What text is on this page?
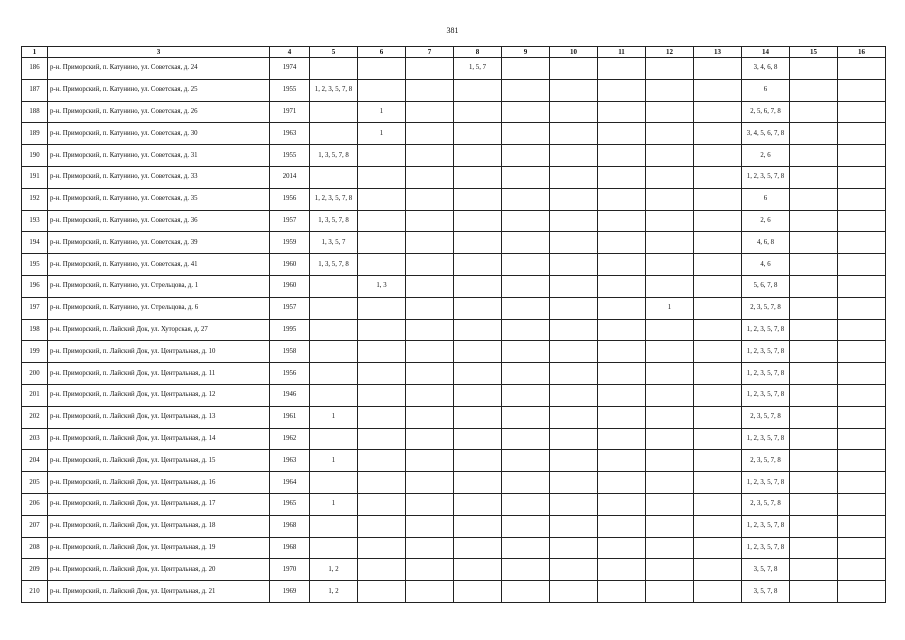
381
1	3	4	5	6	7	8	9	10	11	12	13	14	15	16
186	р-н. Приморский, п. Катунино, ул. Советская, д. 24	1974				1, 5, 7						3, 4, 6, 8		
187	р-н. Приморский, п. Катунино, ул. Советская, д. 25	1955	1, 2, 3, 5, 7, 8									6		
188	р-н. Приморский, п. Катунино, ул. Советская, д. 26	1971		1								2, 5, 6, 7, 8		
189	р-н. Приморский, п. Катунино, ул. Советская, д. 30	1963		1								3, 4, 5, 6, 7, 8		
190	р-н. Приморский, п. Катунино, ул. Советская, д. 31	1955	1, 3, 5, 7, 8									2, 6		
191	р-н. Приморский, п. Катунино, ул. Советская, д. 33	2014										1, 2, 3, 5, 7, 8		
192	р-н. Приморский, п. Катунино, ул. Советская, д. 35	1956	1, 2, 3, 5, 7, 8									6		
193	р-н. Приморский, п. Катунино, ул. Советская, д. 36	1957	1, 3, 5, 7, 8									2, 6		
194	р-н. Приморский, п. Катунино, ул. Советская, д. 39	1959	1, 3, 5, 7									4, 6, 8		
195	р-н. Приморский, п. Катунино, ул. Советская, д. 41	1960	1, 3, 5, 7, 8									4, 6		
196	р-н. Приморский, п. Катунино, ул. Стрельцова, д. 1	1960		1, 3								5, 6, 7, 8		
197	р-н. Приморский, п. Катунино, ул. Стрельцова, д. 6	1957								1		2, 3, 5, 7, 8		
198	р-н. Приморский, п. Лайский Док, ул. Хуторская, д. 27	1995										1, 2, 3, 5, 7, 8		
199	р-н. Приморский, п. Лайский Док, ул. Центральная, д. 10	1958										1, 2, 3, 5, 7, 8		
200	р-н. Приморский, п. Лайский Док, ул. Центральная, д. 11	1956										1, 2, 3, 5, 7, 8		
201	р-н. Приморский, п. Лайский Док, ул. Центральная, д. 12	1946										1, 2, 3, 5, 7, 8		
202	р-н. Приморский, п. Лайский Док, ул. Центральная, д. 13	1961	1									2, 3, 5, 7, 8		
203	р-н. Приморский, п. Лайский Док, ул. Центральная, д. 14	1962										1, 2, 3, 5, 7, 8		
204	р-н. Приморский, п. Лайский Док, ул. Центральная, д. 15	1963	1									2, 3, 5, 7, 8		
205	р-н. Приморский, п. Лайский Док, ул. Центральная, д. 16	1964										1, 2, 3, 5, 7, 8		
206	р-н. Приморский, п. Лайский Док, ул. Центральная, д. 17	1965	1									2, 3, 5, 7, 8		
207	р-н. Приморский, п. Лайский Док, ул. Центральная, д. 18	1968										1, 2, 3, 5, 7, 8		
208	р-н. Приморский, п. Лайский Док, ул. Центральная, д. 19	1968										1, 2, 3, 5, 7, 8		
209	р-н. Приморский, п. Лайский Док, ул. Центральная, д. 20	1970	1, 2									3, 5, 7, 8		
210	р-н. Приморский, п. Лайский Док, ул. Центральная, д. 21	1969	1, 2									3, 5, 7, 8		
